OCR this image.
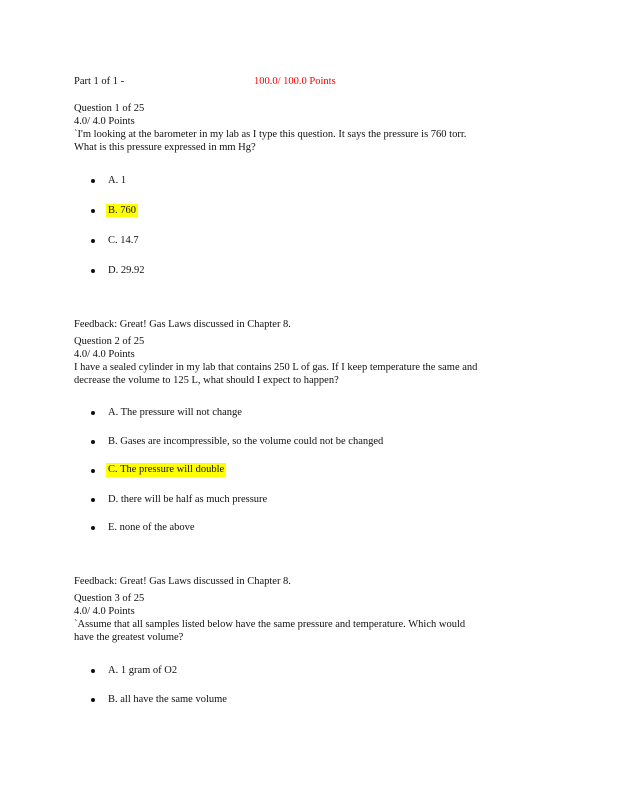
Part 1 of 1 -	100.0/ 100.0 Points
Question 1 of 25
4.0/ 4.0 Points
`I'm looking at the barometer in my lab as I type this question. It says the pressure is 760 torr.
What is this pressure expressed in mm Hg?
A. 1
B. 760
C. 14.7
D. 29.92
Feedback: Great! Gas Laws discussed in Chapter 8.
Question 2 of 25
4.0/ 4.0 Points
I have a sealed cylinder in my lab that contains 250 L of gas. If I keep temperature the same and
decrease the volume to 125 L, what should I expect to happen?
A. The pressure will not change
B. Gases are incompressible, so the volume could not be changed
C. The pressure will double
D. there will be half as much pressure
E. none of the above
Feedback: Great! Gas Laws discussed in Chapter 8.
Question 3 of 25
4.0/ 4.0 Points
`Assume that all samples listed below have the same pressure and temperature. Which would
have the greatest volume?
A. 1 gram of O2
B. all have the same volume
